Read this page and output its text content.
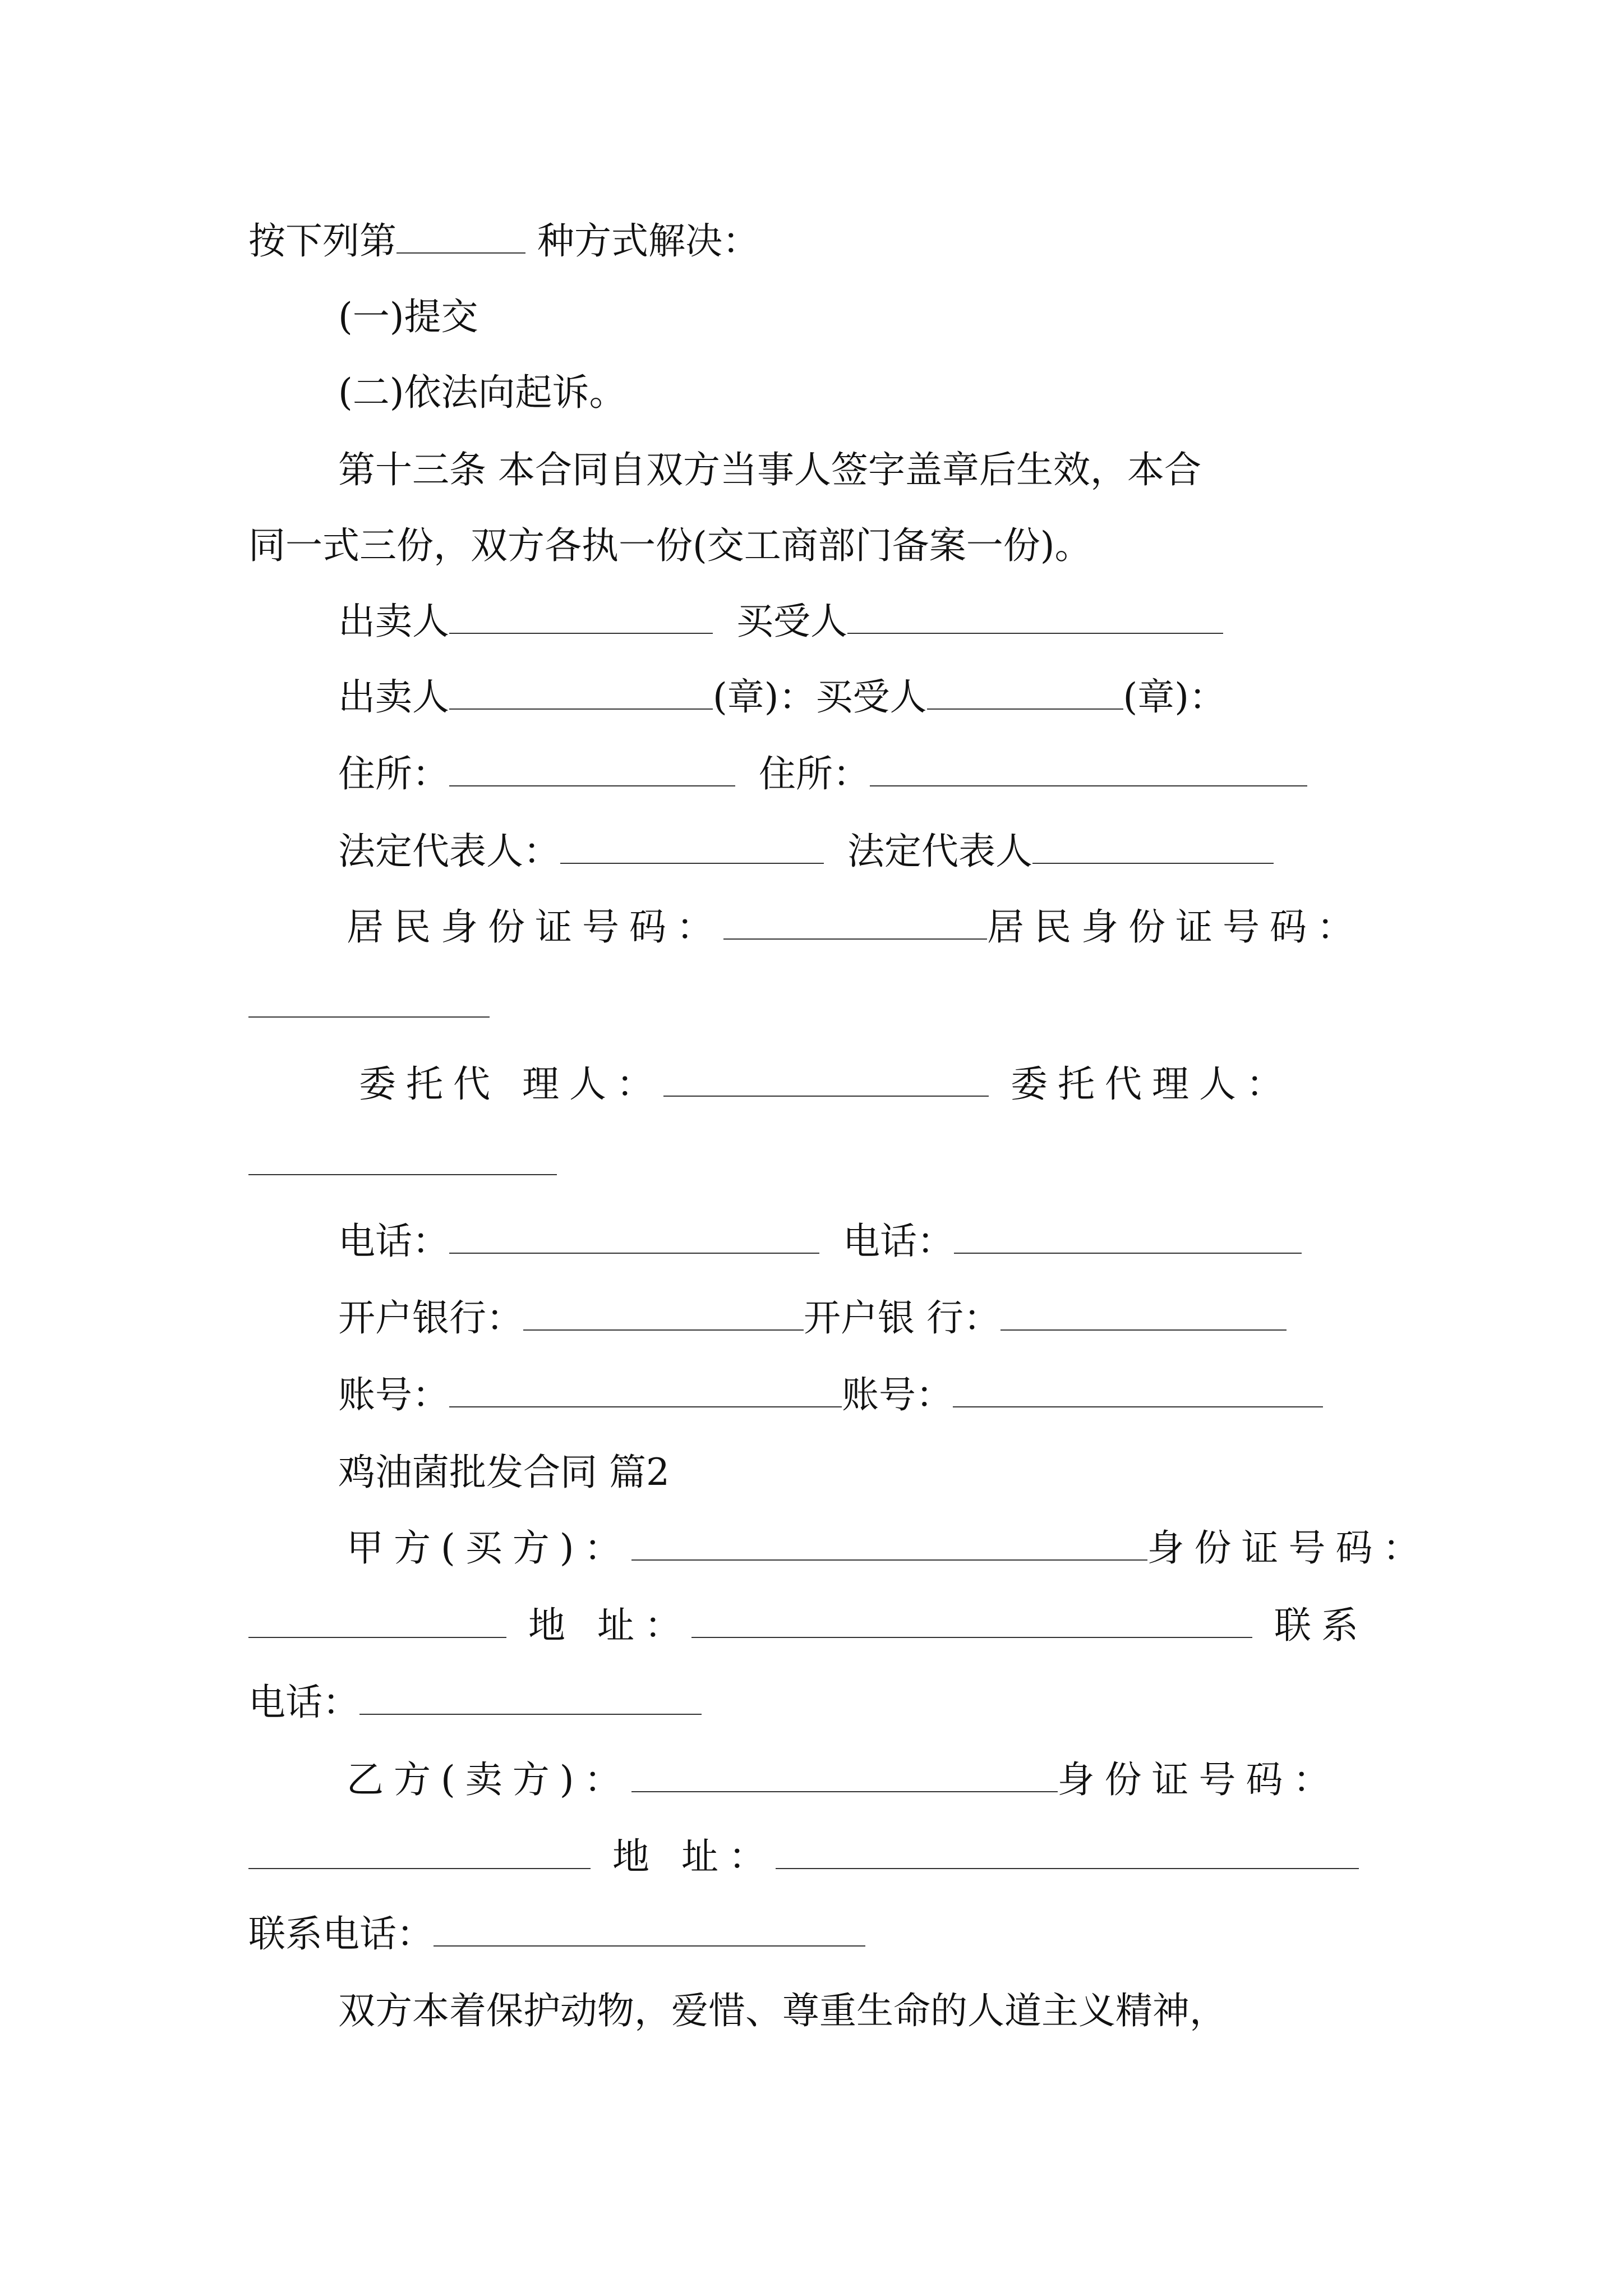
按下列第	种方式解决：
(一)提交
(二)依法向起诉。
第十三条 本合同自双方当事人签字盖章后生效，本合
同一式三份，双方各执一份(交工商部门备案一份)。
出卖人	买受人
出卖人	(章)：买受人	(章)：
住所：	住所：
法定代表人：	法定代表人
居民身份证号码：	居民身份证号码：
委托代 理人：	委托代理人：
电话：	电话：
开户银行：	开户银 行：
账号：	账号：
鸡油菌批发合同 篇2
甲方(买方)：	身份证号码：
地 址：	联系
电话：
乙方(卖方)：	身份证号码：
地 址：
联系电话：
双方本着保护动物，爱惜、尊重生命的人道主义精神，
